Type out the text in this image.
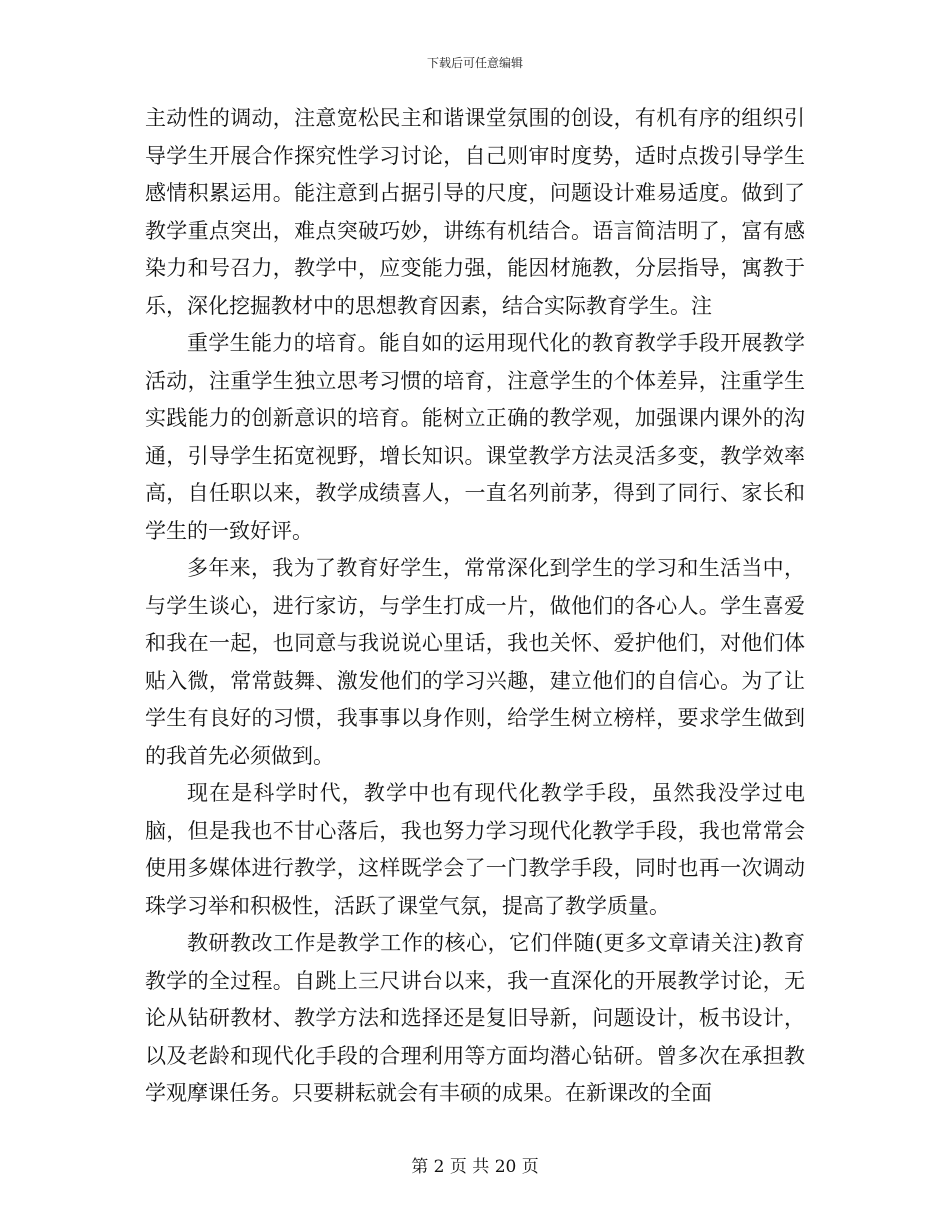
下载后可任意编辑

主动性的调动，注意宽松民主和谐课堂氛围的创设，有机有序的组织引导学生开展合作探究性学习讨论，自己则审时度势，适时点拨引导学生感情积累运用。能注意到占据引导的尺度，问题设计难易适度。做到了教学重点突出，难点突破巧妙，讲练有机结合。语言简洁明了，富有感染力和号召力，教学中，应变能力强，能因材施教，分层指导，寓教于乐，深化挖掘教材中的思想教育因素，结合实际教育学生。注

重学生能力的培育。能自如的运用现代化的教育教学手段开展教学活动，注重学生独立思考习惯的培育，注意学生的个体差异，注重学生实践能力的创新意识的培育。能树立正确的教学观，加强课内课外的沟通，引导学生拓宽视野，增长知识。课堂教学方法灵活多变，教学效率高，自任职以来，教学成绩喜人，一直名列前茅，得到了同行、家长和学生的一致好评。

多年来，我为了教育好学生，常常深化到学生的学习和生活当中，与学生谈心，进行家访，与学生打成一片，做他们的各心人。学生喜爱和我在一起，也同意与我说说心里话，我也关怀、爱护他们，对他们体贴入微，常常鼓舞、激发他们的学习兴趣，建立他们的自信心。为了让学生有良好的习惯，我事事以身作则，给学生树立榜样，要求学生做到的我首先必须做到。

现在是科学时代，教学中也有现代化教学手段，虽然我没学过电脑，但是我也不甘心落后，我也努力学习现代化教学手段，我也常常会使用多媒体进行教学，这样既学会了一门教学手段，同时也再一次调动珠学习举和积极性，活跃了课堂气氛，提高了教学质量。

教研教改工作是教学工作的核心，它们伴随(更多文章请关注)教育教学的全过程。自跳上三尺讲台以来，我一直深化的开展教学讨论，无论从钻研教材、教学方法和选择还是复旧导新，问题设计，板书设计，以及老龄和现代化手段的合理利用等方面均潜心钻研。曾多次在承担教学观摩课任务。只要耕耘就会有丰硕的成果。在新课改的全面

第 2 页 共 20 页
